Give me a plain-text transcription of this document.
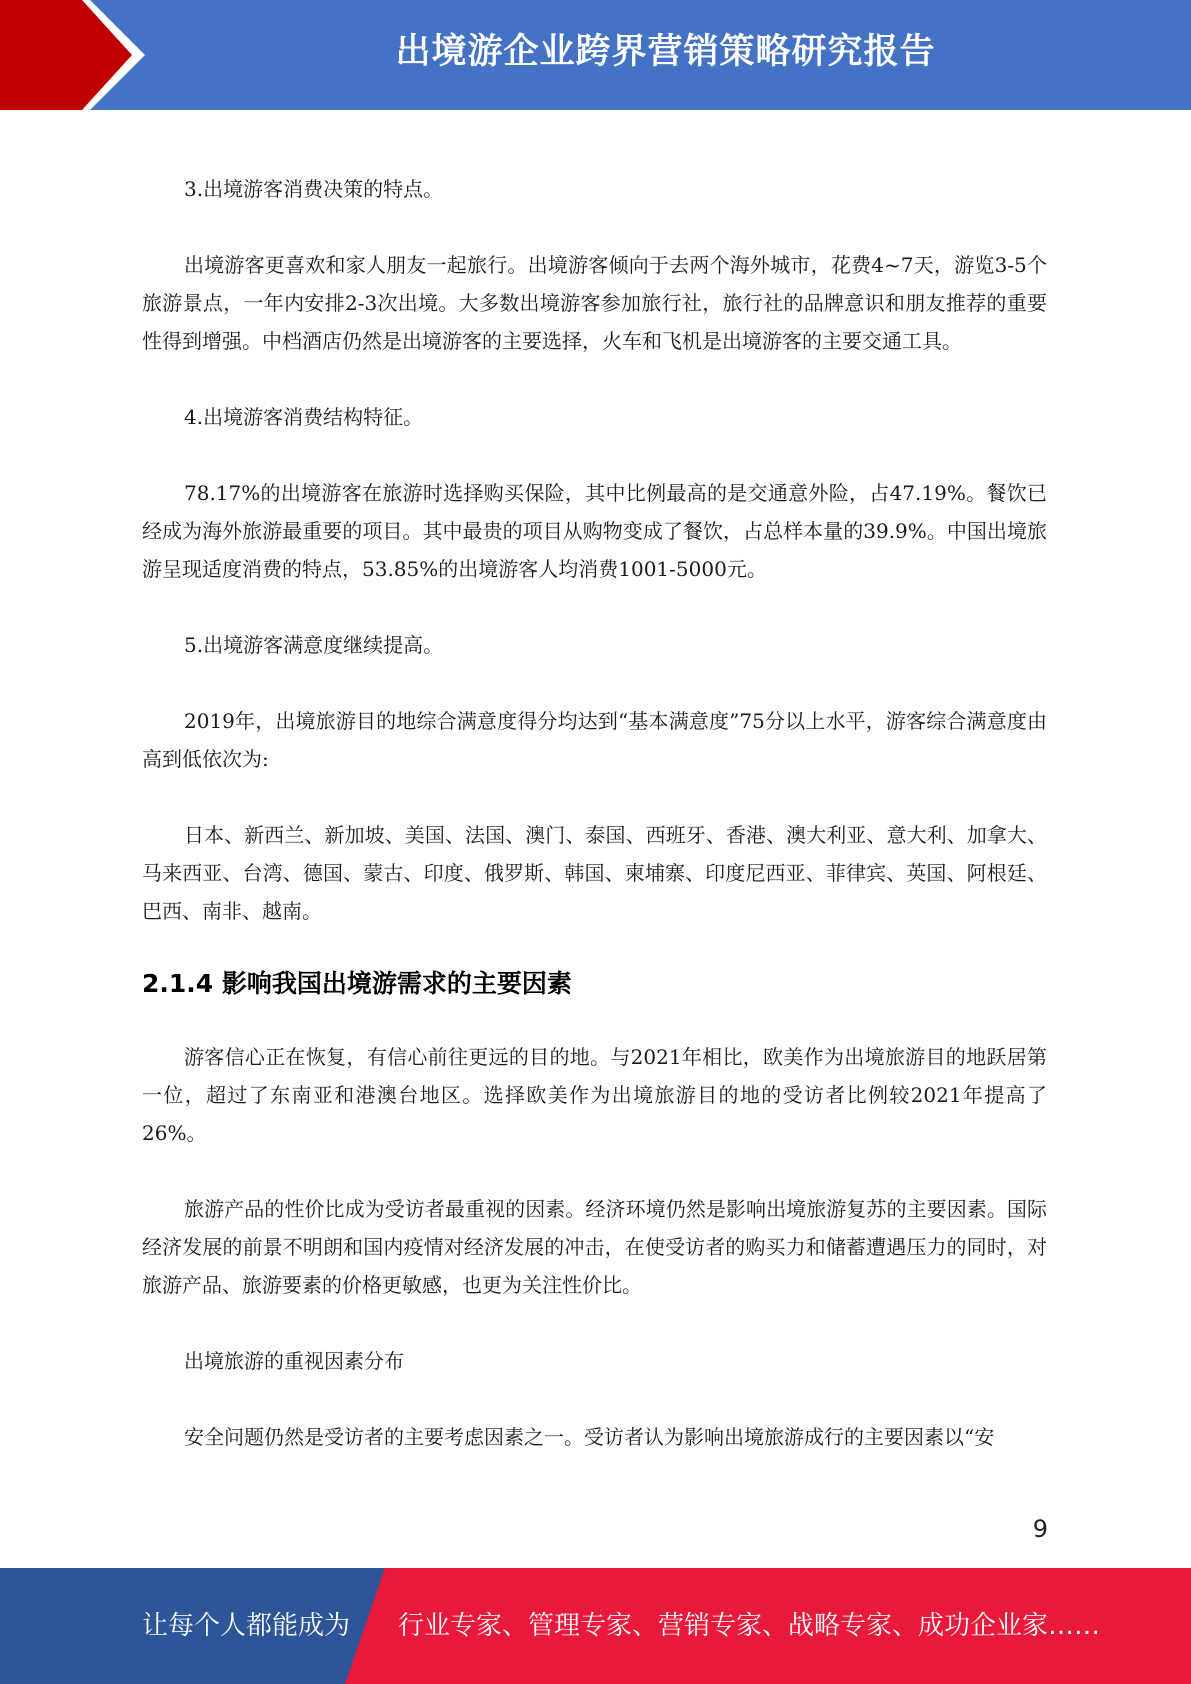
出境游企业跨界营销策略研究报告

3.出境游客消费决策的特点。

出境游客更喜欢和家人朋友一起旅行。出境游客倾向于去两个海外城市，花费4~7天，游览3-5个旅游景点，一年内安排2-3次出境。大多数出境游客参加旅行社，旅行社的品牌意识和朋友推荐的重要性得到增强。中档酒店仍然是出境游客的主要选择，火车和飞机是出境游客的主要交通工具。

4.出境游客消费结构特征。

78.17%的出境游客在旅游时选择购买保险，其中比例最高的是交通意外险，占47.19%。餐饮已经成为海外旅游最重要的项目。其中最贵的项目从购物变成了餐饮，占总样本量的39.9%。中国出境旅游呈现适度消费的特点，53.85%的出境游客人均消费1001-5000元。

5.出境游客满意度继续提高。

2019年，出境旅游目的地综合满意度得分均达到“基本满意度”75分以上水平，游客综合满意度由高到低依次为:

日本、新西兰、新加坡、美国、法国、澳门、泰国、西班牙、香港、澳大利亚、意大利、加拿大、马来西亚、台湾、德国、蒙古、印度、俄罗斯、韩国、柬埔寨、印度尼西亚、菲律宾、英国、阿根廷、巴西、南非、越南。

2.1.4 影响我国出境游需求的主要因素

游客信心正在恢复，有信心前往更远的目的地。与2021年相比，欧美作为出境旅游目的地跃居第一位，超过了东南亚和港澳台地区。选择欧美作为出境旅游目的地的受访者比例较2021年提高了26%。

旅游产品的性价比成为受访者最重视的因素。经济环境仍然是影响出境旅游复苏的主要因素。国际经济发展的前景不明朗和国内疫情对经济发展的冲击，在使受访者的购买力和储蓄遭遇压力的同时，对旅游产品、旅游要素的价格更敏感，也更为关注性价比。

出境旅游的重视因素分布

安全问题仍然是受访者的主要考虑因素之一。受访者认为影响出境旅游成行的主要因素以“安

9
让每个人都能成为 行业专家、管理专家、营销专家、战略专家、成功企业家……
